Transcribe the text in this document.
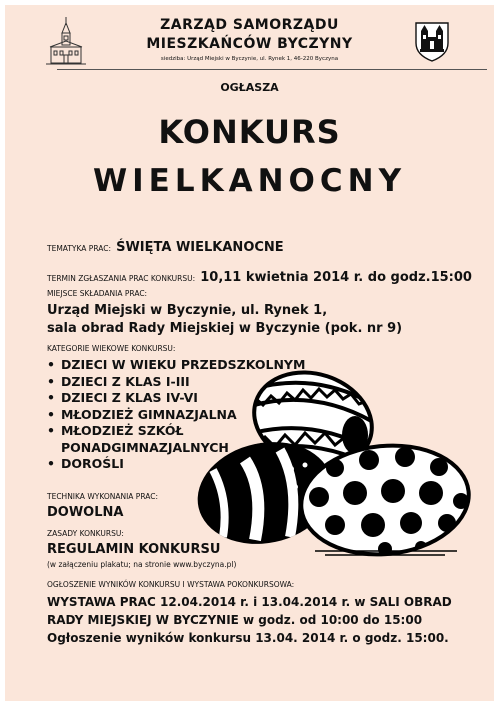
ZARZĄD SAMORZĄDU
MIESZKAŃCÓW BYCZYNY
siedziba: Urząd Miejski w Byczynie, ul. Rynek 1, 46-220 Byczyna
OGŁASZA
KONKURS
WIELKANOCNY
TEMATYKA PRAC: ŚWIĘTA WIELKANOCNE
TERMIN ZGŁASZANIA PRAC KONKURSU: 10,11 kwietnia 2014 r. do godz.15:00
MIEJSCE SKŁADANIA PRAC:
Urząd Miejski w Byczynie, ul. Rynek 1,
sala obrad Rady Miejskiej w Byczynie (pok. nr 9)
KATEGORIE WIEKOWE KONKURSU:
• DZIECI W WIEKU PRZEDSZKOLNYM
• DZIECI Z KLAS I-III
• DZIECI Z KLAS IV-VI
• MŁODZIEŻ GIMNAZJALNA
• MŁODZIEŻ SZKÓŁ PONADGIMNAZJALNYCH
• DOROŚLI
TECHNIKA WYKONANIA PRAC:
DOWOLNA
ZASADY KONKURSU:
REGULAMIN KONKURSU
(w załączeniu plakatu; na stronie www.byczyna.pl)
OGŁOSZENIE WYNIKÓW KONKURSU I WYSTAWA POKONKURSOWA:
WYSTAWA PRAC 12.04.2014 r. i 13.04.2014 r. w SALI OBRAD
RADY MIEJSKIEJ W BYCZYNIE w godz. od 10:00 do 15:00
Ogłoszenie wyników konkursu 13.04. 2014 r. o godz. 15:00.
